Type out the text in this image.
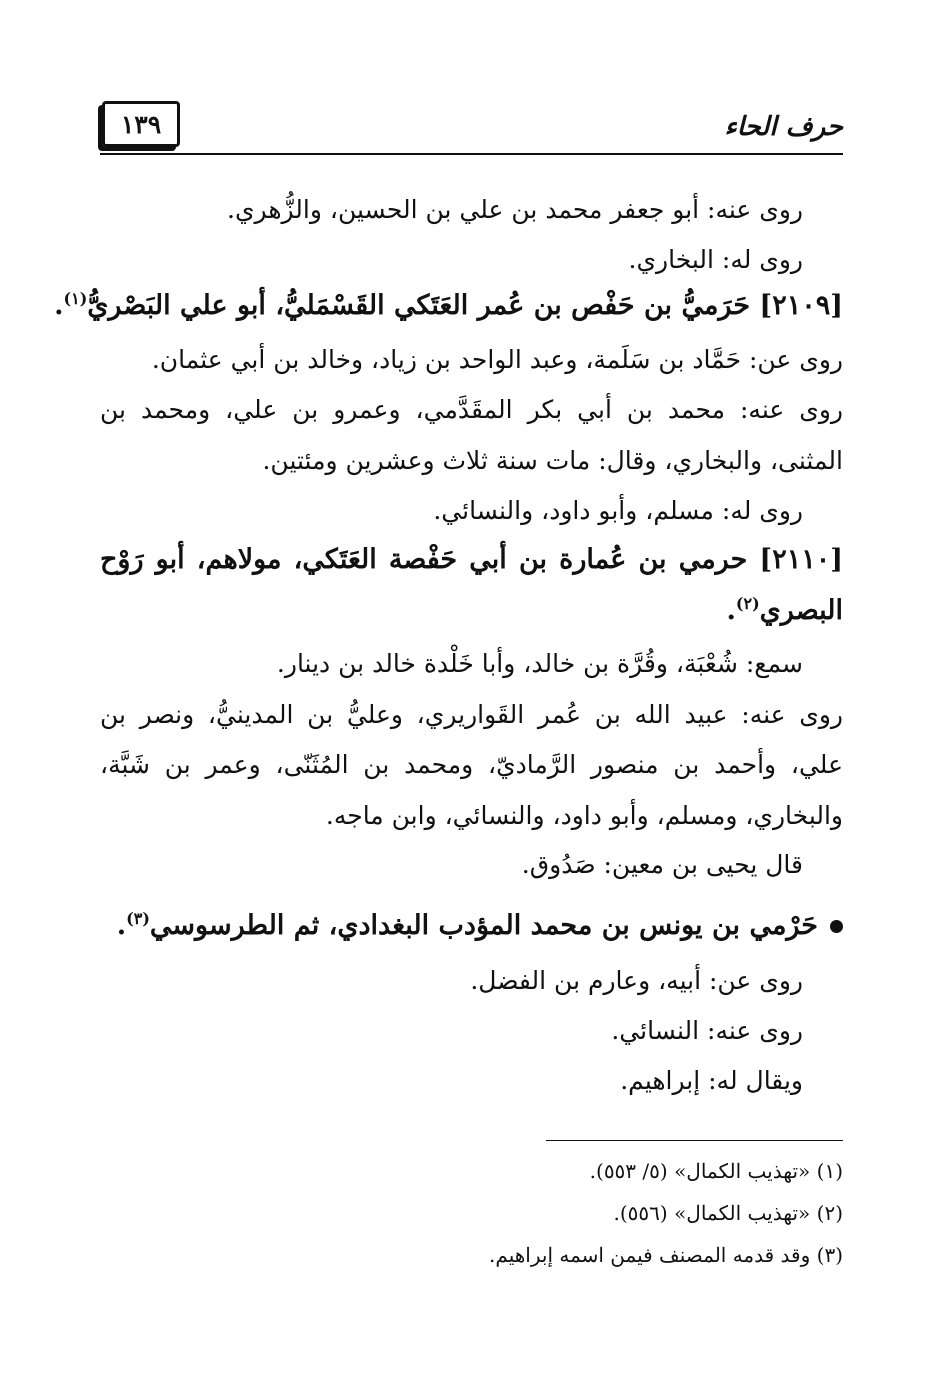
١٣٩	حرف الحاء
روى عنه: أبو جعفر محمد بن علي بن الحسين، والزُّهري.
روى له: البخاري.
[٢١٠٩] حَرَميُّ بن حَفْص بن عُمر العَتَكي القَسْمَليُّ، أبو علي البَصْريُّ$^{(١)}$.
روى عن: حَمَّاد بن سَلَمة، وعبد الواحد بن زياد، وخالد بن أبي عثمان.
روى عنه: محمد بن أبي بكر المقَدَّمي، وعمرو بن علي، ومحمد بن
المثنى، والبخاري، وقال: مات سنة ثلاث وعشرين ومئتين.
روى له: مسلم، وأبو داود، والنسائي.
[٢١١٠] حرمي بن عُمارة بن أبي حَفْصة العَتَكي، مولاهم، أبو رَوْح
البصري$^{(٢)}$.
سمع: شُعْبَة، وقُرَّة بن خالد، وأبا خَلْدة خالد بن دينار.
روى عنه: عبيد الله بن عُمر القَواريري، وعليُّ بن المدينيُّ، ونصر بن
علي، وأحمد بن منصور الرَّماديّ، ومحمد بن المُثَنّى، وعمر بن شَبَّة،
والبخاري، ومسلم، وأبو داود، والنسائي، وابن ماجه.
قال يحيى بن معين: صَدُوق.
حَرْمي بن يونس بن محمد المؤدب البغدادي، ثم الطرسوسي$^{(٣)}$.
روى عن: أبيه، وعارم بن الفضل.
روى عنه: النسائي.
ويقال له: إبراهيم.
(١) «تهذيب الكمال» (٥/ ٥٥٣).
(٢) «تهذيب الكمال» (٥٥٦).
(٣) وقد قدمه المصنف فيمن اسمه إبراهيم.
